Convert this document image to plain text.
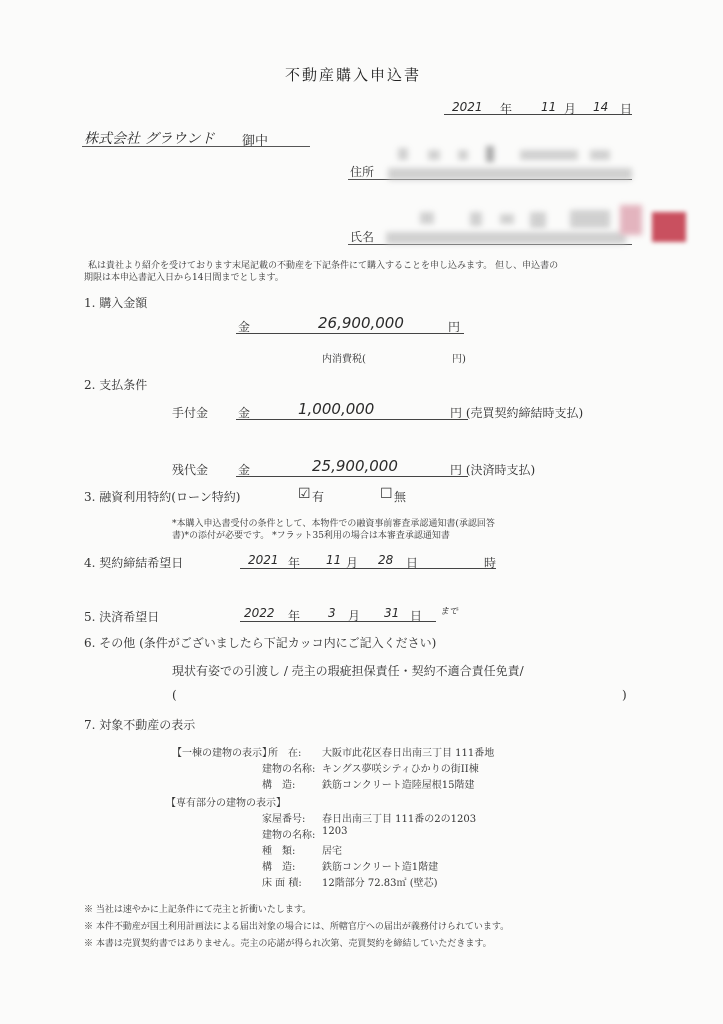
不動産購入申込書
2021 年 11 月 14 日
株式会社 グラウンド 御中
住所
氏名
私は貴社より紹介を受けております末尾記載の不動産を下記条件にて購入することを申し込みます。 但し、申込書の
期限は本申込書記入日から14日間までとします。
1. 購入金額
金	26,900,000	円
内消費税(	円)
2. 支払条件
手付金 金	1,000,000	円 (売買契約締結時支払)
残代金 金	25,900,000	円 (決済時支払)
3. 融資利用特約(ローン特約)	☑ 有	☐ 無
*本購入申込書受付の条件として、本物件での融資事前審査承認通知書(承認回答
書)*の添付が必要です。 *フラット35利用の場合は本審査承認通知書
4. 契約締結希望日	2021 年 11 月 28 日	時
5. 決済希望日	2022 年 3 月 31 日 まで
6. その他 (条件がございましたら下記カッコ内にご記入ください)
現状有姿での引渡し / 売主の瑕疵担保責任・契約不適合責任免責/
(	)
7. 対象不動産の表示
【一棟の建物の表示】
所　在: 大阪市此花区春日出南三丁目 111番地
建物の名称: キングス夢咲シティひかりの街II棟
構　造:	鉄筋コンクリート造陸屋根15階建
【専有部分の建物の表示】
家屋番号: 春日出南三丁目 111番の2の1203
建物の名称: 1203
種　類:	居宅
構　造:	鉄筋コンクリート造1階建
床 面 積: 12階部分 72.83㎡ (壁芯)
※ 当社は速やかに上記条件にて売主と折衝いたします。
※ 本件不動産が国土利用計画法による届出対象の場合には、所轄官庁への届出が義務付けられています。
※ 本書は売買契約書ではありません。売主の応諾が得られ次第、売買契約を締結していただきます。
